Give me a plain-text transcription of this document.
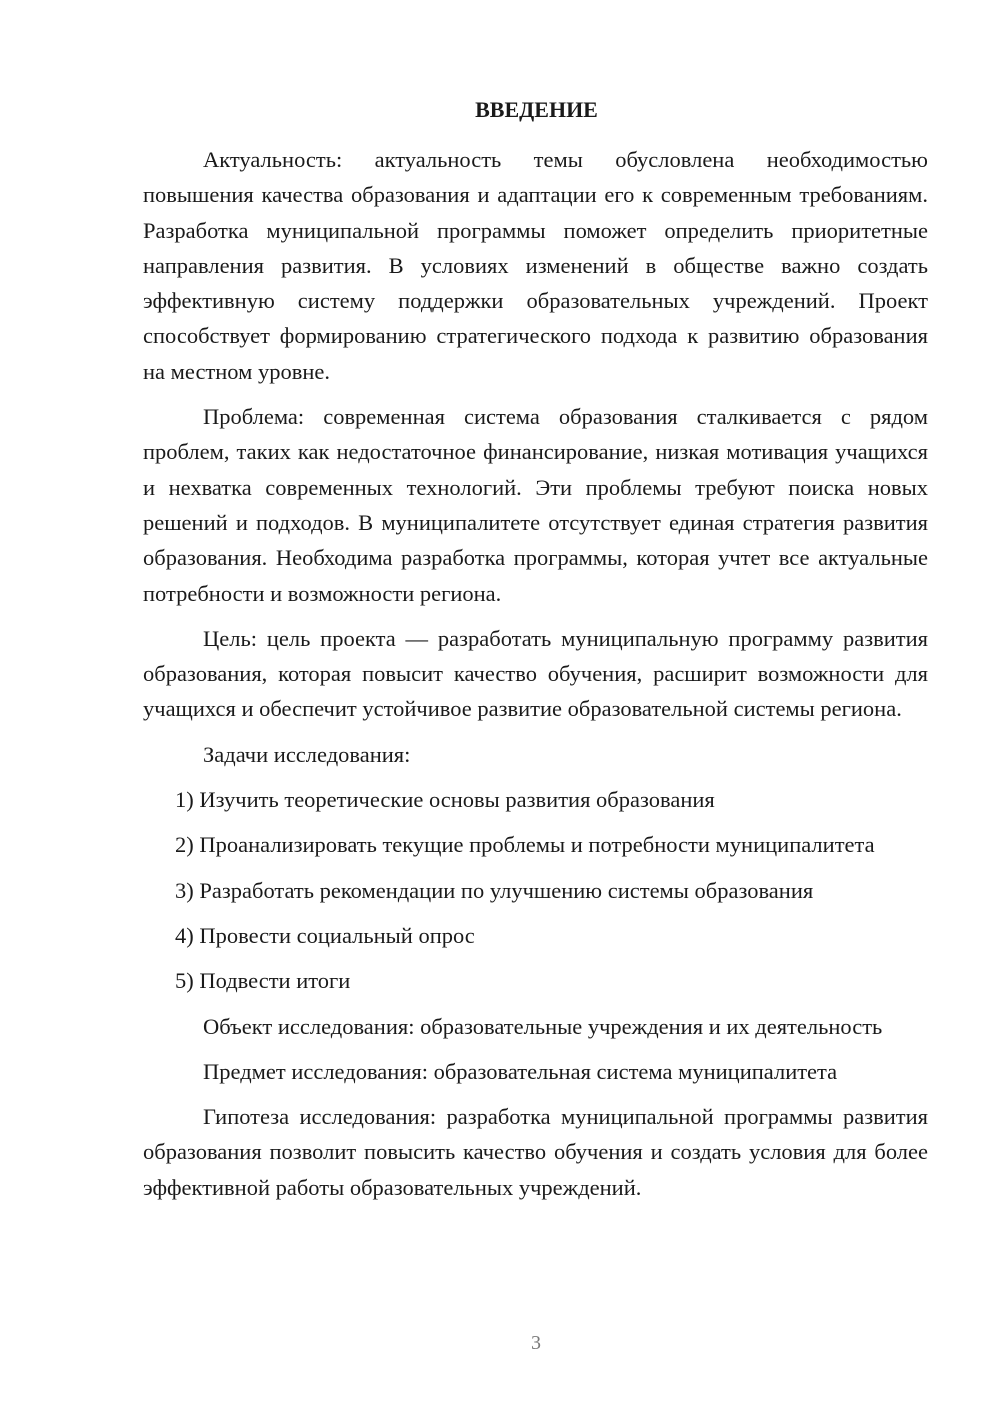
ВВЕДЕНИЕ

Актуальность: актуальность темы обусловлена необходимостью повышения качества образования и адаптации его к современным требованиям. Разработка муниципальной программы поможет определить приоритетные направления развития. В условиях изменений в обществе важно создать эффективную систему поддержки образовательных учреждений. Проект способствует формированию стратегического подхода к развитию образования на местном уровне.

Проблема: современная система образования сталкивается с рядом проблем, таких как недостаточное финансирование, низкая мотивация учащихся и нехватка современных технологий. Эти проблемы требуют поиска новых решений и подходов. В муниципалитете отсутствует единая стратегия развития образования. Необходима разработка программы, которая учтет все актуальные потребности и возможности региона.

Цель: цель проекта — разработать муниципальную программу развития образования, которая повысит качество обучения, расширит возможности для учащихся и обеспечит устойчивое развитие образовательной системы региона.

Задачи исследования:

1) Изучить теоретические основы развития образования

2) Проанализировать текущие проблемы и потребности муниципалитета

3) Разработать рекомендации по улучшению системы образования

4) Провести социальный опрос

5) Подвести итоги

Объект исследования: образовательные учреждения и их деятельность

Предмет исследования: образовательная система муниципалитета

Гипотеза исследования: разработка муниципальной программы развития образования позволит повысить качество обучения и создать условия для более эффективной работы образовательных учреждений.

3
